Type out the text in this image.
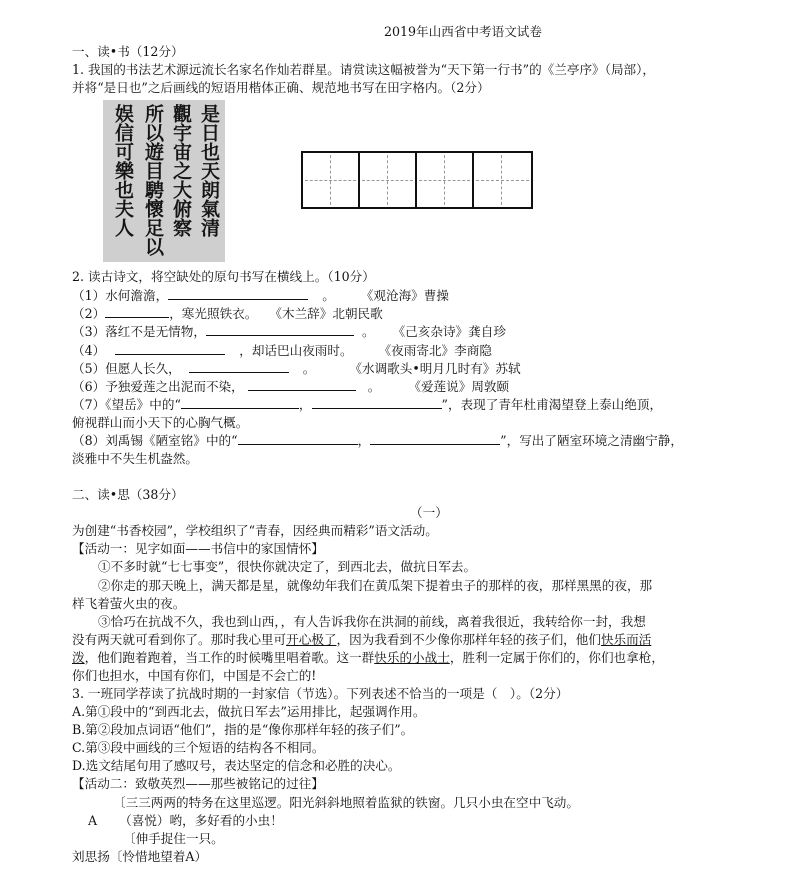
2019年山西省中考语文试卷
一、读•书（12分）
1. 我国的书法艺术源远流长名家名作灿若群星。请赏读这幅被誉为“天下第一行书”的《兰亭序》（局部），
并将“是日也”之后画线的短语用楷体正确、规范地书写在田字格内。（2分）
是日也天朗氣清
觀宇宙之大俯察
所以遊目騁懷足以
娱信可樂也夫人
2. 读古诗文，将空缺处的原句书写在横线上。（10分）
（1）水何澹澹，	。 《观沧海》曹操
（2）	，寒光照铁衣。 《木兰辞》北朝民歌
（3）落红不是无情物，	。 《己亥杂诗》龚自珍
（4）	，却话巴山夜雨时。 《夜雨寄北》李商隐
（5）但愿人长久，	。	《水调歌头•明月几时有》苏轼
（6）予独爱莲之出泥而不染，	。 《爱莲说》周敦颐
（7）《望岳》中的“	，	”，表现了青年杜甫渴望登上泰山绝顶，
俯视群山而小天下的心胸气概。
（8）刘禹锡《陋室铭》中的“	，	”，写出了陋室环境之清幽宁静，
淡雅中不失生机盎然。
二、读•思（38分）
（一）
为创建“书香校园”，学校组织了“青春，因经典而精彩”语文活动。
【活动一：见字如面——书信中的家国情怀】
①不多时就“七七事变”，很快你就决定了，到西北去，做抗日军去。
②你走的那天晚上，满天都是星，就像幼年我们在黄瓜架下提着虫子的那样的夜，那样黑黑的夜，那
样飞着萤火虫的夜。
③恰巧在抗战不久，我也到山西，，有人告诉我你在洪洞的前线，离着我很近，我转给你一封，我想
没有两天就可看到你了。那时我心里可开心极了，因为我看到不少像你那样年轻的孩子们，他们快乐而活
泼，他们跑着跑着，当工作的时候嘴里唱着歌。这一群快乐的小战士，胜利一定属于你们的，你们也拿枪，
你们也担水，中国有你们，中国是不会亡的!
3. 一班同学荐读了抗战时期的一封家信（节选）。下列表述不恰当的一项是（　）。（2分）
A.第①段中的“到西北去，做抗日军去”运用排比，起强调作用。
B.第②段加点词语“他们”，指的是“像你那样年轻的孩子们”。
C.第③段中画线的三个短语的结构各不相同。
D.选文结尾句用了感叹号，表达坚定的信念和必胜的决心。
【活动二：致敬英烈——那些被铭记的过往】
〔三三两两的特务在这里巡逻。阳光斜斜地照着监狱的铁窗。几只小虫在空中飞动。
A （喜悦）哟，多好看的小虫！
〔伸手捉住一只。
刘思扬〔怜惜地望着A）
